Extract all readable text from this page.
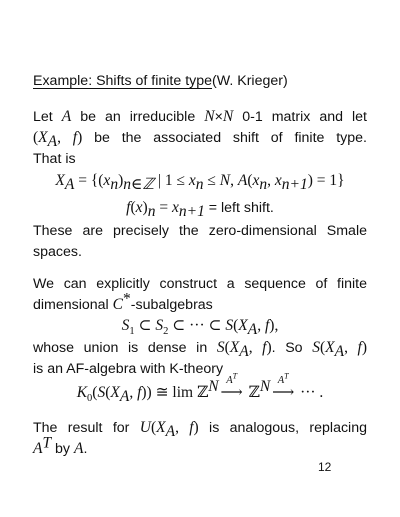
Example: Shifts of finite type(W. Krieger)
Let A be an irreducible N×N 0-1 matrix and let
($X_A$, f) be the associated shift of finite type.
That is
$X_A = \{(x_n)_{n\in ℤ}$ | $1 \le x_n \le N$, $A(x_n$, $x_{n+1}) = 1$}
$f(x)_n = x_{n+1}$ = left shift.
These are precisely the zero-dimensional Smale
spaces.
We can explicitly construct a sequence of finite
dimensional C*-subalgebras
$S_1$ ⊂ $S_2$ ⊂ ··· ⊂ $S(X_A$, f),
whose union is dense in $S(X_A$, f). So $S(X_A$, f)
is an AF-algebra with K-theory
$K_0(S(X_A$, f)) ≅ lim ℤ$^N$ $A^T$
⟶ ℤ$^N$ $A^T$
⟶ ··· .
The result for $U(X_A$, f) is analogous, replacing
$A^T$ by A.
12
